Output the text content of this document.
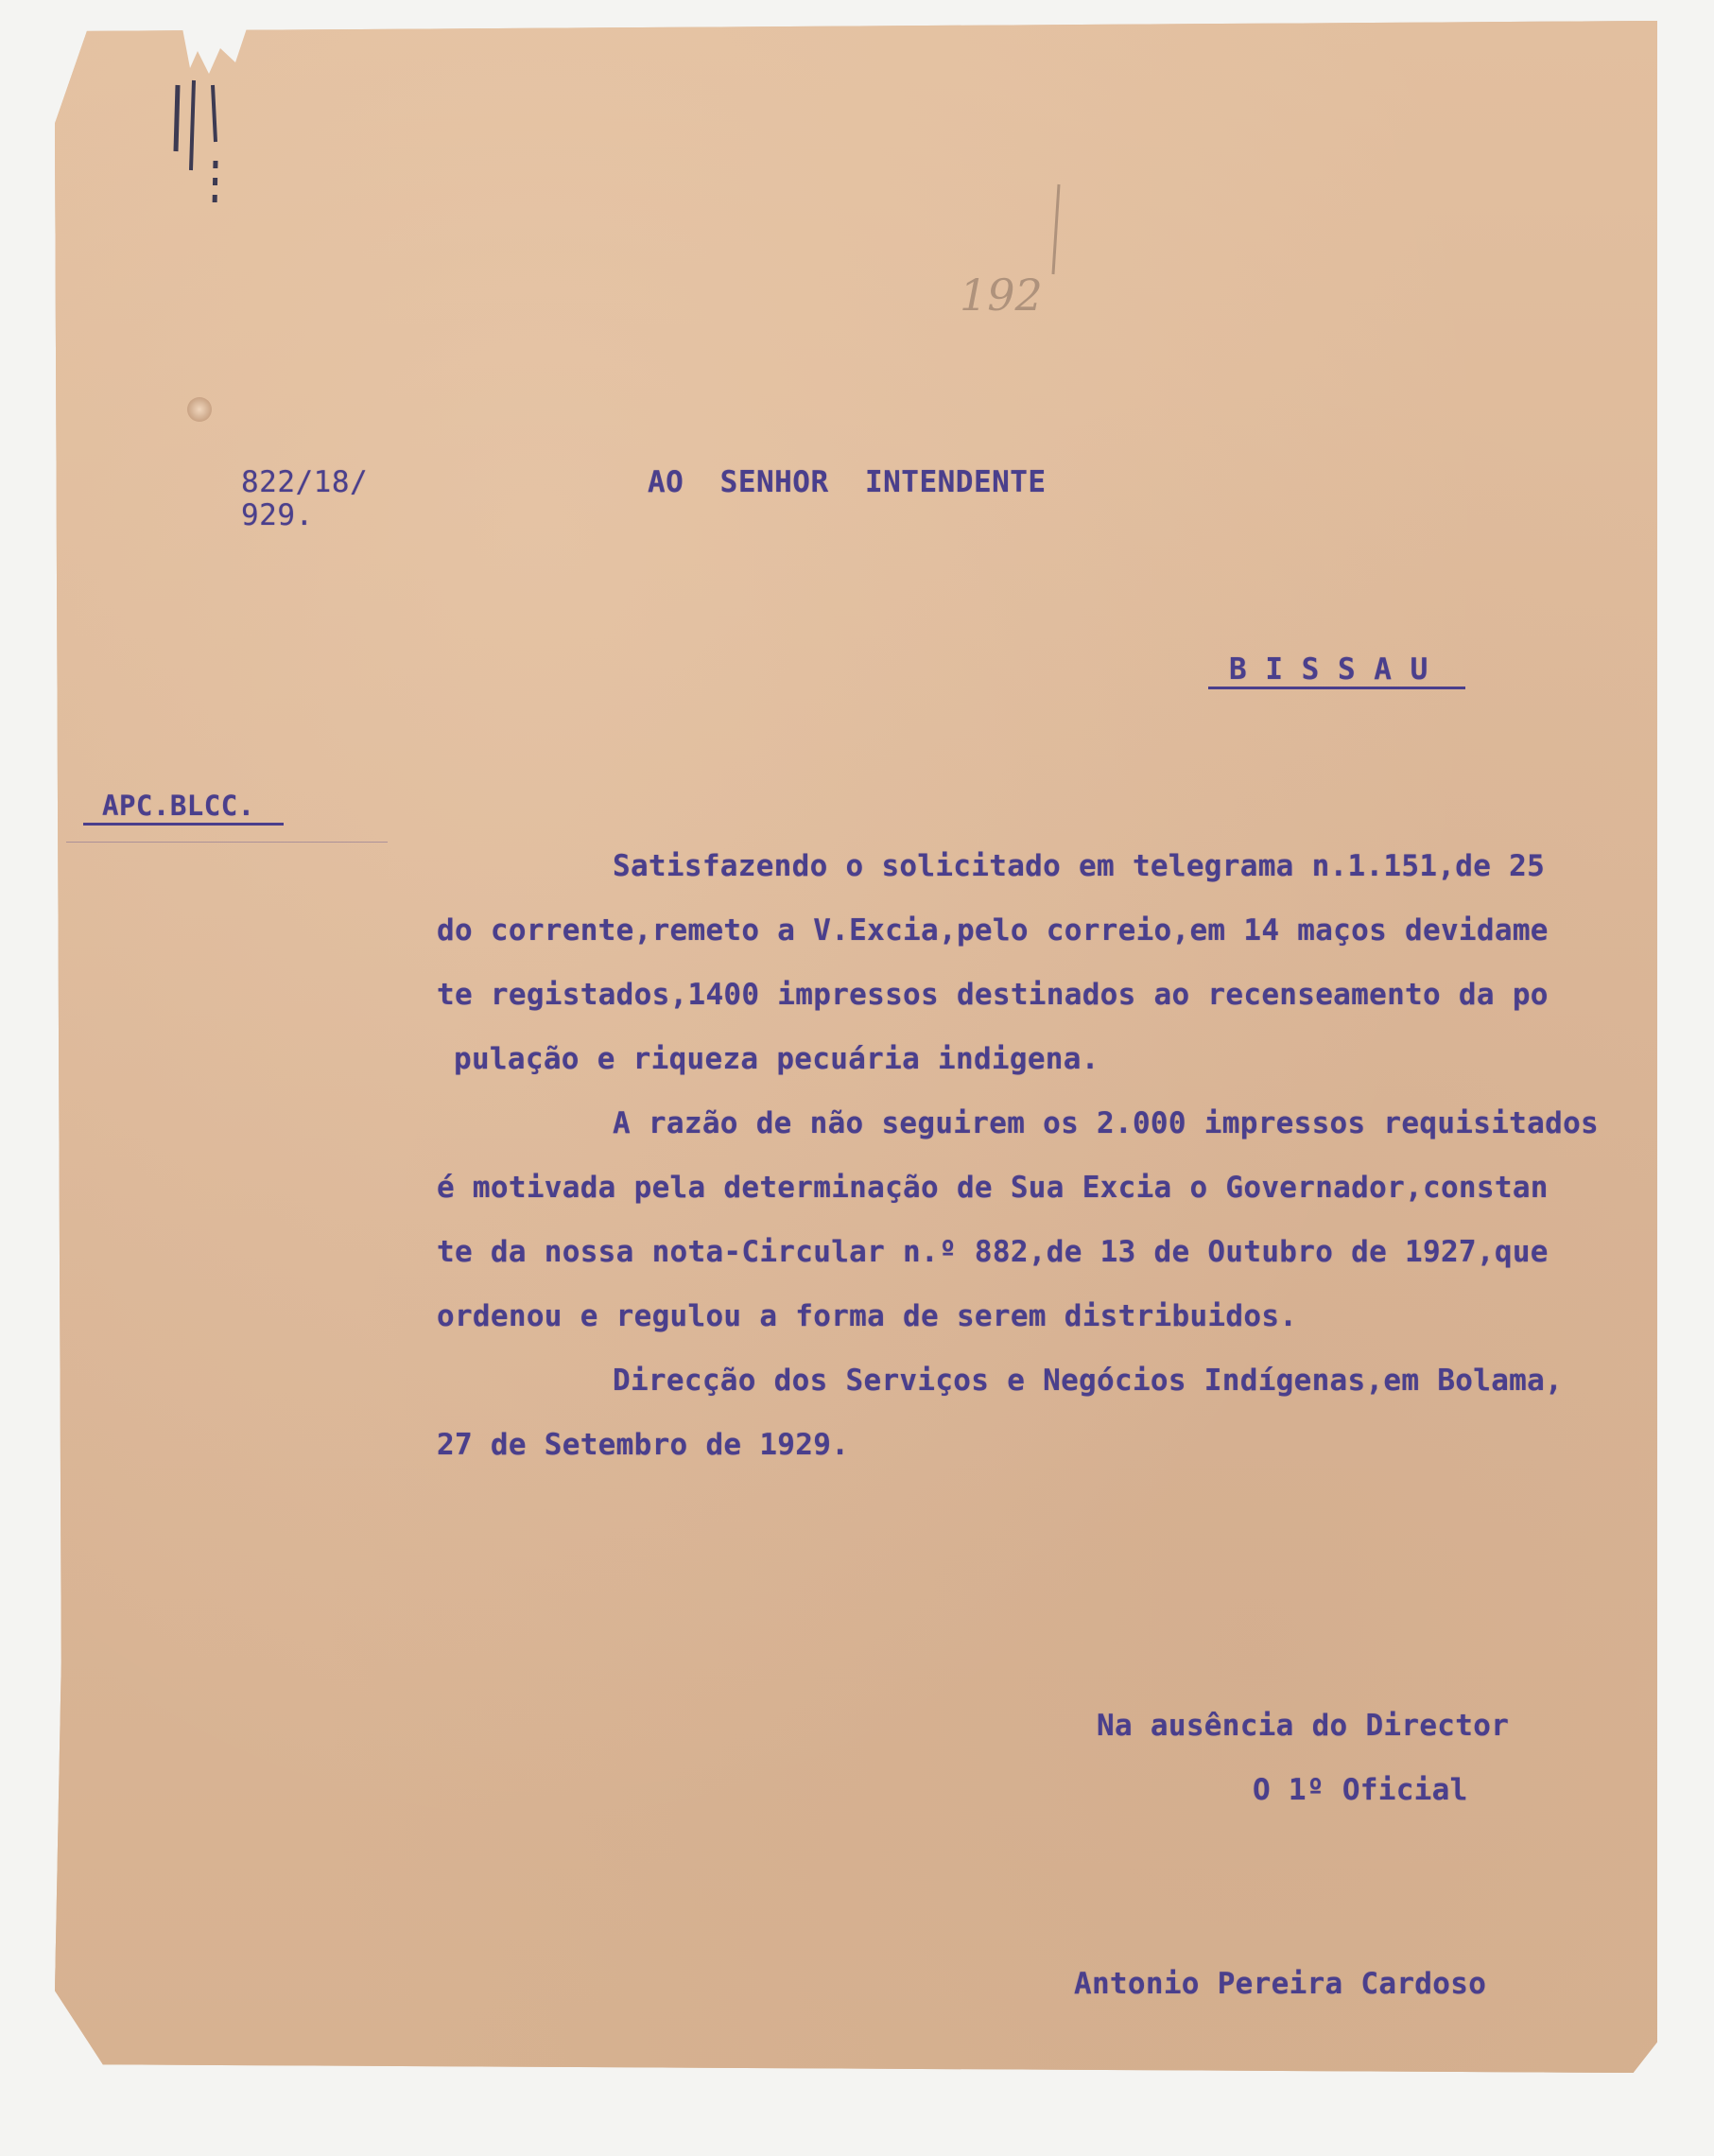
192
822/18/
929.
AO  SENHOR  INTENDENTE
B I S S A U
APC.BLCC.
Satisfazendo o solicitado em telegrama n.1.151,de 25
do corrente,remeto a V.Excia,pelo correio,em 14 maços devidame
te registados,1400 impressos destinados ao recenseamento da po
pulação e riqueza pecuária indigena.
A razão de não seguirem os 2.000 impressos requisitados
é motivada pela determinação de Sua Excia o Governador,constan
te da nossa nota-Circular n.º 882,de 13 de Outubro de 1927,que
ordenou e regulou a forma de serem distribuidos.
Direcção dos Serviços e Negócios Indígenas,em Bolama,
27 de Setembro de 1929.
Na ausência do Director
O 1º Oficial
Antonio Pereira Cardoso
